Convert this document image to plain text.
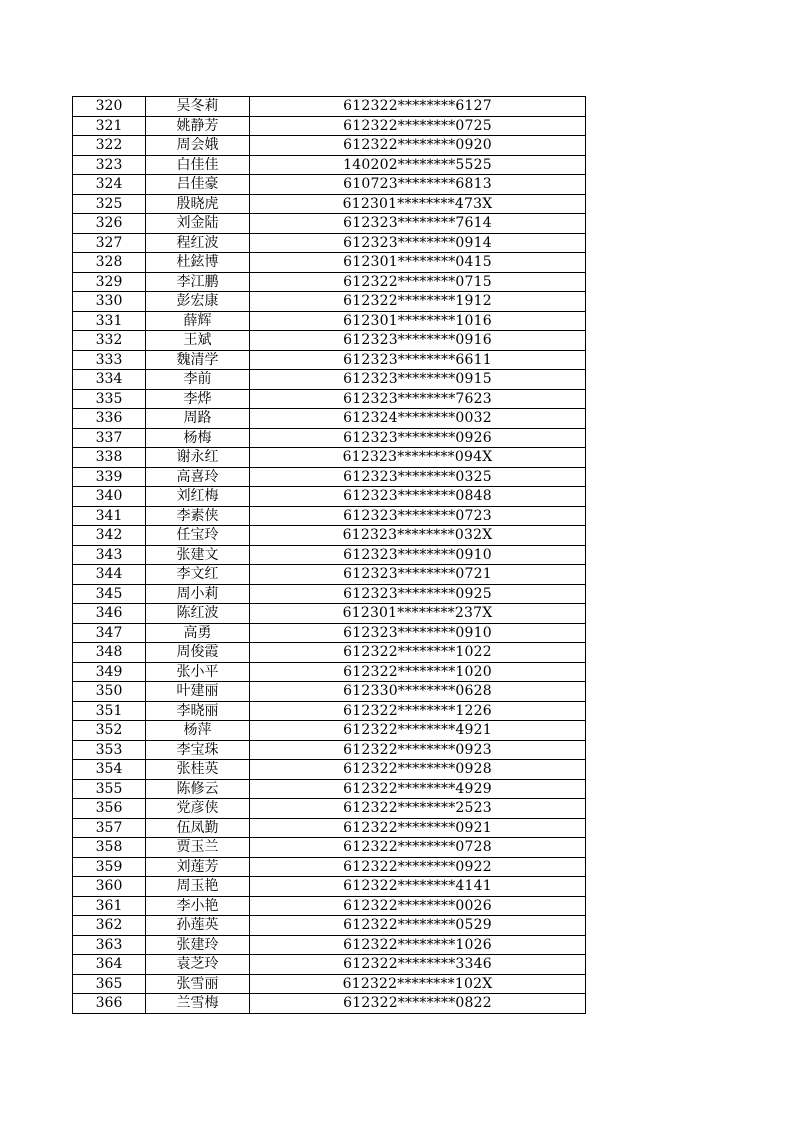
320	吴冬莉	612322********6127
321	姚静芳	612322********0725
322	周会娥	612322********0920
323	白佳佳	140202********5525
324	吕佳豪	610723********6813
325	殷晓虎	612301********473X
326	刘金陆	612323********7614
327	程红波	612323********0914
328	杜鉉博	612301********0415
329	李江鹏	612322********0715
330	彭宏康	612322********1912
331	薛辉	612301********1016
332	王斌	612323********0916
333	魏清学	612323********6611
334	李前	612323********0915
335	李烨	612323********7623
336	周路	612324********0032
337	杨梅	612323********0926
338	谢永红	612323********094X
339	高喜玲	612323********0325
340	刘红梅	612323********0848
341	李素侠	612323********0723
342	任宝玲	612323********032X
343	张建文	612323********0910
344	李文红	612323********0721
345	周小莉	612323********0925
346	陈红波	612301********237X
347	高勇	612323********0910
348	周俊霞	612322********1022
349	张小平	612322********1020
350	叶建丽	612330********0628
351	李晓丽	612322********1226
352	杨萍	612322********4921
353	李宝珠	612322********0923
354	张桂英	612322********0928
355	陈修云	612322********4929
356	党彦侠	612322********2523
357	伍凤勤	612322********0921
358	贾玉兰	612322********0728
359	刘莲芳	612322********0922
360	周玉艳	612322********4141
361	李小艳	612322********0026
362	孙莲英	612322********0529
363	张建玲	612322********1026
364	袁芝玲	612322********3346
365	张雪丽	612322********102X
366	兰雪梅	612322********0822
